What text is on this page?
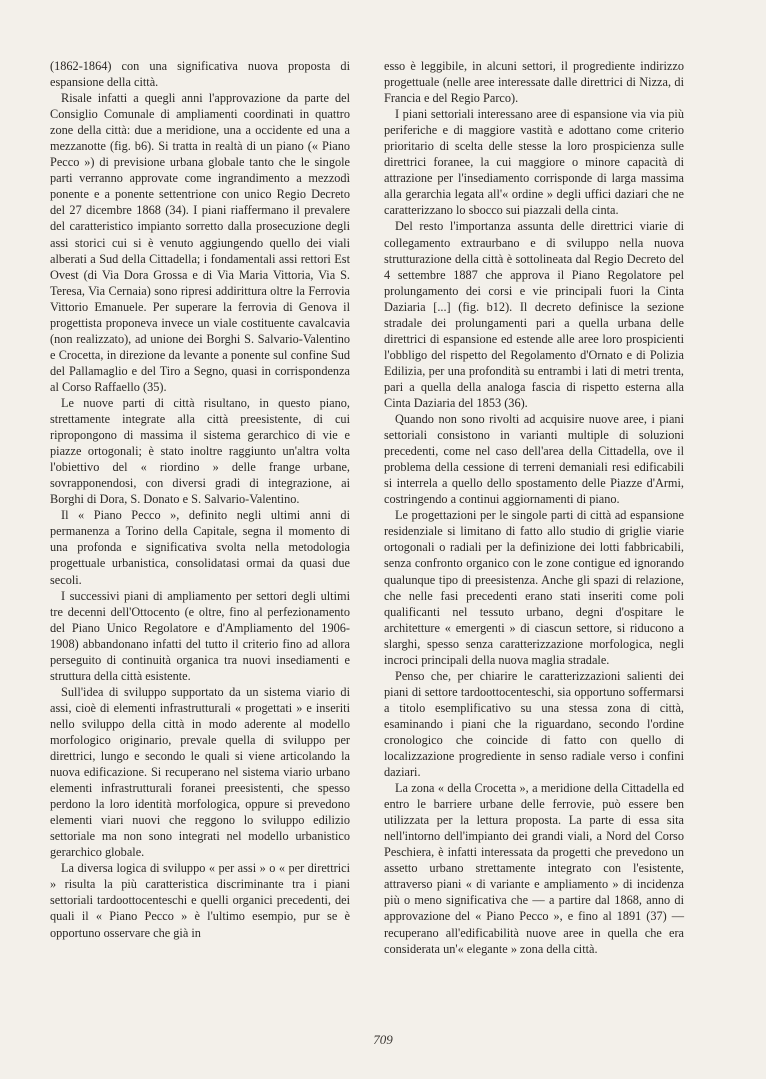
(1862-1864) con una significativa nuova proposta di espansione della città.

Risale infatti a quegli anni l'approvazione da parte del Consiglio Comunale di ampliamenti coordinati in quattro zone della città: due a meridione, una a occidente ed una a mezzanotte (fig. b6). Si tratta in realtà di un piano (« Piano Pecco ») di previsione urbana globale tanto che le singole parti verranno approvate come ingrandimento a mezzodì ponente e a ponente settentrione con unico Regio Decreto del 27 dicembre 1868 (34). I piani riaffermano il prevalere del caratteristico impianto sorretto dalla prosecuzione degli assi storici cui si è venuto aggiungendo quello dei viali alberati a Sud della Cittadella; i fondamentali assi rettori Est Ovest (di Via Dora Grossa e di Via Maria Vittoria, Via S. Teresa, Via Cernaia) sono ripresi addirittura oltre la Ferrovia Vittorio Emanuele. Per superare la ferrovia di Genova il progettista proponeva invece un viale costituente cavalcavia (non realizzato), ad unione dei Borghi S. Salvario-Valentino e Crocetta, in direzione da levante a ponente sul confine Sud del Pallamaglio e del Tiro a Segno, quasi in corrispondenza al Corso Raffaello (35).

Le nuove parti di città risultano, in questo piano, strettamente integrate alla città preesistente, di cui ripropongono di massima il sistema gerarchico di vie e piazze ortogonali; è stato inoltre raggiunto un'altra volta l'obiettivo del « riordino » delle frange urbane, sovrapponendosi, con diversi gradi di integrazione, ai Borghi di Dora, S. Donato e S. Salvario-Valentino.

Il « Piano Pecco », definito negli ultimi anni di permanenza a Torino della Capitale, segna il momento di una profonda e significativa svolta nella metodologia progettuale urbanistica, consolidatasi ormai da quasi due secoli.

I successivi piani di ampliamento per settori degli ultimi tre decenni dell'Ottocento (e oltre, fino al perfezionamento del Piano Unico Regolatore e d'Ampliamento del 1906-1908) abbandonano infatti del tutto il criterio fino ad allora perseguito di continuità organica tra nuovi insediamenti e struttura della città esistente.

Sull'idea di sviluppo supportato da un sistema viario di assi, cioè di elementi infrastrutturali « progettati » e inseriti nello sviluppo della città in modo aderente al modello morfologico originario, prevale quella di sviluppo per direttrici, lungo e secondo le quali si viene articolando la nuova edificazione. Si recuperano nel sistema viario urbano elementi infrastrutturali foranei preesistenti, che spesso perdono la loro identità morfologica, oppure si prevedono elementi viari nuovi che reggono lo sviluppo edilizio settoriale ma non sono integrati nel modello urbanistico gerarchico globale.

La diversa logica di sviluppo « per assi » o « per direttrici » risulta la più caratteristica discriminante tra i piani settoriali tardoottocenteschi e quelli organici precedenti, dei quali il « Piano Pecco » è l'ultimo esempio, pur se è opportuno osservare che già in

esso è leggibile, in alcuni settori, il progrediente indirizzo progettuale (nelle aree interessate dalle direttrici di Nizza, di Francia e del Regio Parco).

I piani settoriali interessano aree di espansione via via più periferiche e di maggiore vastità e adottano come criterio prioritario di scelta delle stesse la loro prospicienza sulle direttrici foranee, la cui maggiore o minore capacità di attrazione per l'insediamento corrisponde di larga massima alla gerarchia legata all'« ordine » degli uffici daziari che ne caratterizzano lo sbocco sui piazzali della cinta.

Del resto l'importanza assunta delle direttrici viarie di collegamento extraurbano e di sviluppo nella nuova strutturazione della città è sottolineata dal Regio Decreto del 4 settembre 1887 che approva il Piano Regolatore pel prolungamento dei corsi e vie principali fuori la Cinta Daziaria [...] (fig. b12). Il decreto definisce la sezione stradale dei prolungamenti pari a quella urbana delle direttrici di espansione ed estende alle aree loro prospicienti l'obbligo del rispetto del Regolamento d'Ornato e di Polizia Edilizia, per una profondità su entrambi i lati di metri trenta, pari a quella della analoga fascia di rispetto esterna alla Cinta Daziaria del 1853 (36).

Quando non sono rivolti ad acquisire nuove aree, i piani settoriali consistono in varianti multiple di soluzioni precedenti, come nel caso dell'area della Cittadella, ove il problema della cessione di terreni demaniali resi edificabili si interrela a quello dello spostamento delle Piazze d'Armi, costringendo a continui aggiornamenti di piano.

Le progettazioni per le singole parti di città ad espansione residenziale si limitano di fatto allo studio di griglie viarie ortogonali o radiali per la definizione dei lotti fabbricabili, senza confronto organico con le zone contigue ed ignorando qualunque tipo di preesistenza. Anche gli spazi di relazione, che nelle fasi precedenti erano stati inseriti come poli qualificanti nel tessuto urbano, degni d'ospitare le architetture « emergenti » di ciascun settore, si riducono a slarghi, spesso senza caratterizzazione morfologica, negli incroci principali della nuova maglia stradale.

Penso che, per chiarire le caratterizzazioni salienti dei piani di settore tardoottocenteschi, sia opportuno soffermarsi a titolo esemplificativo su una stessa zona di città, esaminando i piani che la riguardano, secondo l'ordine cronologico che coincide di fatto con quello di localizzazione progrediente in senso radiale verso i confini daziari.

La zona « della Crocetta », a meridione della Cittadella ed entro le barriere urbane delle ferrovie, può essere ben utilizzata per la lettura proposta. La parte di essa sita nell'intorno dell'impianto dei grandi viali, a Nord del Corso Peschiera, è infatti interessata da progetti che prevedono un assetto urbano strettamente integrato con l'esistente, attraverso piani « di variante e ampliamento » di incidenza più o meno significativa che — a partire dal 1868, anno di approvazione del « Piano Pecco », e fino al 1891 (37) — recuperano all'edificabilità nuove aree in quella che era considerata un'« elegante » zona della città.

709
